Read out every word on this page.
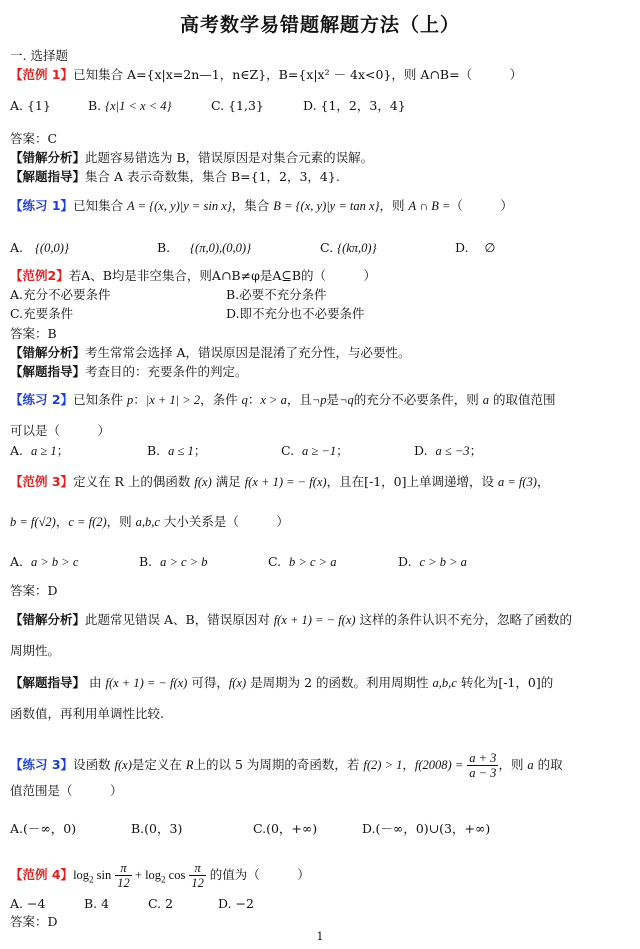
高考数学易错题解题方法（上）
一. 选择题
【范例 1】已知集合 A={x|x=2n—1，n∈Z}，B={x|x² － 4x<0}，则 A∩B=（　　　）
A. {1}	B. {x|1 < x < 4}	C. {1,3}	D. {1，2，3，4}
答案：C
【错解分析】此题容易错选为 B，错误原因是对集合元素的误解。
【解题指导】集合 A 表示奇数集，集合 B={1，2，3，4}.
【练习 1】已知集合 A = {(x, y)|y = sin x}，集合 B = {(x, y)|y = tan x}，则 A ∩ B =（　　　）
A. {(0,0)}	B. {(π,0),(0,0)}	C. {(kπ,0)}	D. ∅
【范例2】若A、B均是非空集合，则A∩B≠φ是A⊆B的（　　　）
A.充分不必要条件	B.必要不充分条件
C.充要条件	D.即不充分也不必要条件
答案：B
【错解分析】考生常常会选择 A，错误原因是混淆了充分性，与必要性。
【解题指导】考查目的：充要条件的判定。
【练习 2】已知条件 p：|x + 1| > 2，条件 q：x > a，且¬p是¬q的充分不必要条件，则 a 的取值范围
可以是（　　　）
A. a ≥ 1；	B. a ≤ 1；	C. a ≥ −1；	D. a ≤ −3；
【范例 3】定义在 R 上的偶函数 f(x) 满足 f(x + 1) = − f(x)，且在[-1，0]上单调递增，设 a = f(3)，
b = f(√2)，c = f(2)，则 a,b,c 大小关系是（　　　）
A. a > b > c	B. a > c > b	C. b > c > a	D. c > b > a
答案：D
【错解分析】此题常见错误 A、B，错误原因对 f(x + 1) = − f(x) 这样的条件认识不充分，忽略了函数的
周期性。
【解题指导】 由 f(x + 1) = − f(x) 可得，f(x) 是周期为 2 的函数。利用周期性 a,b,c 转化为[-1，0]的
函数值，再利用单调性比较.
【练习 3】设函数 f(x)是定义在 R上的以 5 为周期的奇函数，若 f(2) > 1，$f(2008) = \frac{a + 3}{a - 3}$ ，则 a 的取
值范围是（　　　）
A.(－∞，0)	B.(0，3)	C.(0，+∞)	D.(－∞，0)∪(3，+∞)
【范例 4】$\log_2 \sin \frac{\pi}{12} + \log_2 \cos \frac{\pi}{12}$ 的值为（　　　）
A. −4	B. 4	C. 2	D. −2
答案：D
1
